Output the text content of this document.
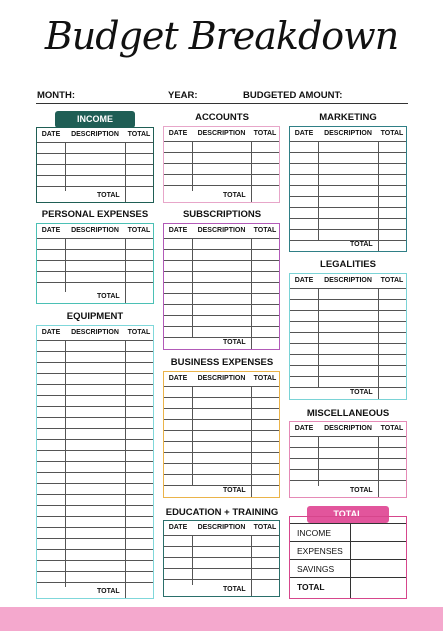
Budget Breakdown
MONTH:	YEAR:	BUDGETED AMOUNT:
INCOME
DATE	DESCRIPTION	TOTAL
TOTAL
PERSONAL EXPENSES
DATE	DESCRIPTION	TOTAL
TOTAL
EQUIPMENT
DATE	DESCRIPTION	TOTAL
TOTAL
ACCOUNTS
DATE	DESCRIPTION	TOTAL
TOTAL
SUBSCRIPTIONS
DATE	DESCRIPTION	TOTAL
TOTAL
BUSINESS EXPENSES
DATE	DESCRIPTION	TOTAL
TOTAL
EDUCATION + TRAINING
DATE	DESCRIPTION	TOTAL
TOTAL
MARKETING
DATE	DESCRIPTION	TOTAL
TOTAL
LEGALITIES
DATE	DESCRIPTION	TOTAL
TOTAL
MISCELLANEOUS
DATE	DESCRIPTION	TOTAL
TOTAL
TOTAL
INCOME
EXPENSES
SAVINGS
TOTAL
